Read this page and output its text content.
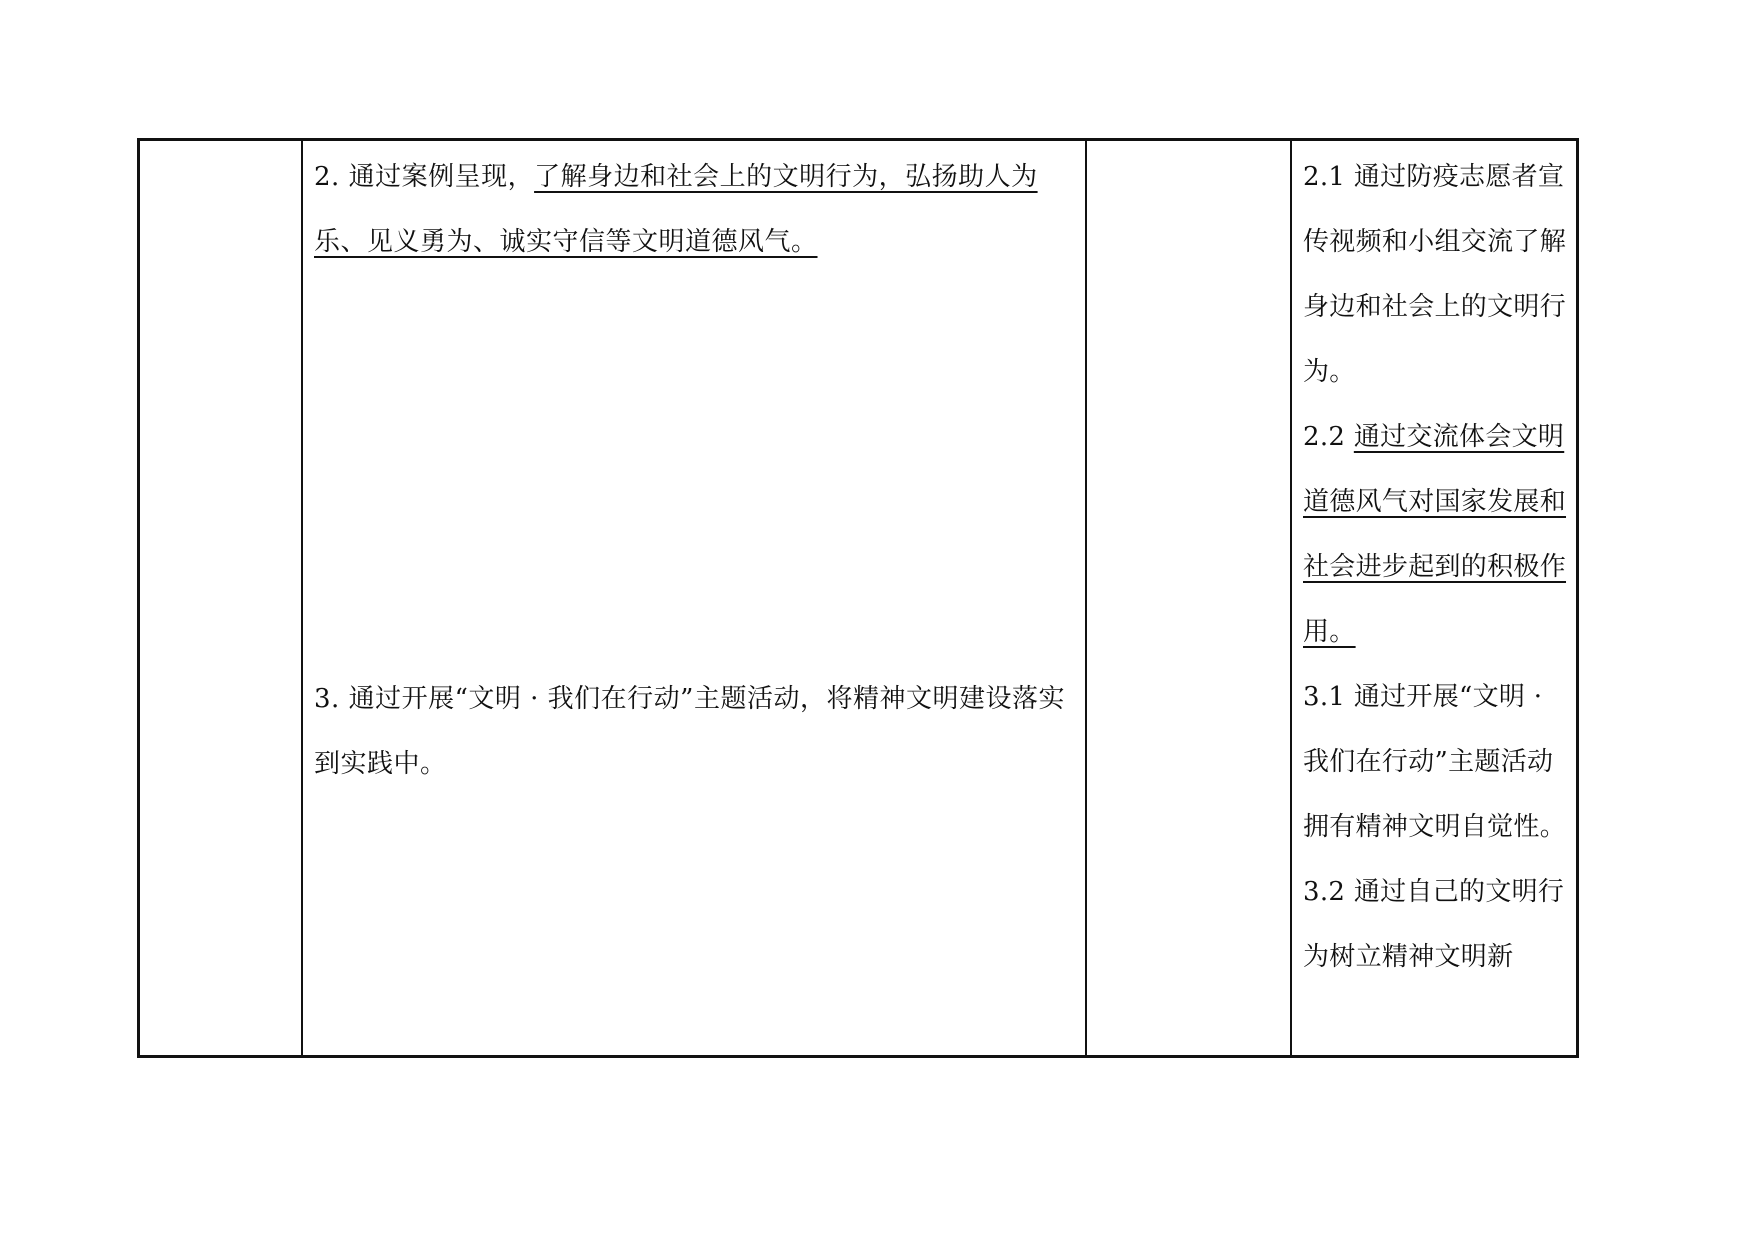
2. 通过案例呈现，了解身边和社会上的文明行为，弘扬助人为乐、见义勇为、诚实守信等文明道德风气。

3. 通过开展“文明 · 我们在行动”主题活动，将精神文明建设落实到实践中。

2.1 通过防疫志愿者宣传视频和小组交流了解身边和社会上的文明行为。

2.2 通过交流体会文明道德风气对国家发展和社会进步起到的积极作用。

3.1 通过开展“文明 · 我们在行动”主题活动拥有精神文明自觉性。

3.2 通过自己的文明行为树立精神文明新
